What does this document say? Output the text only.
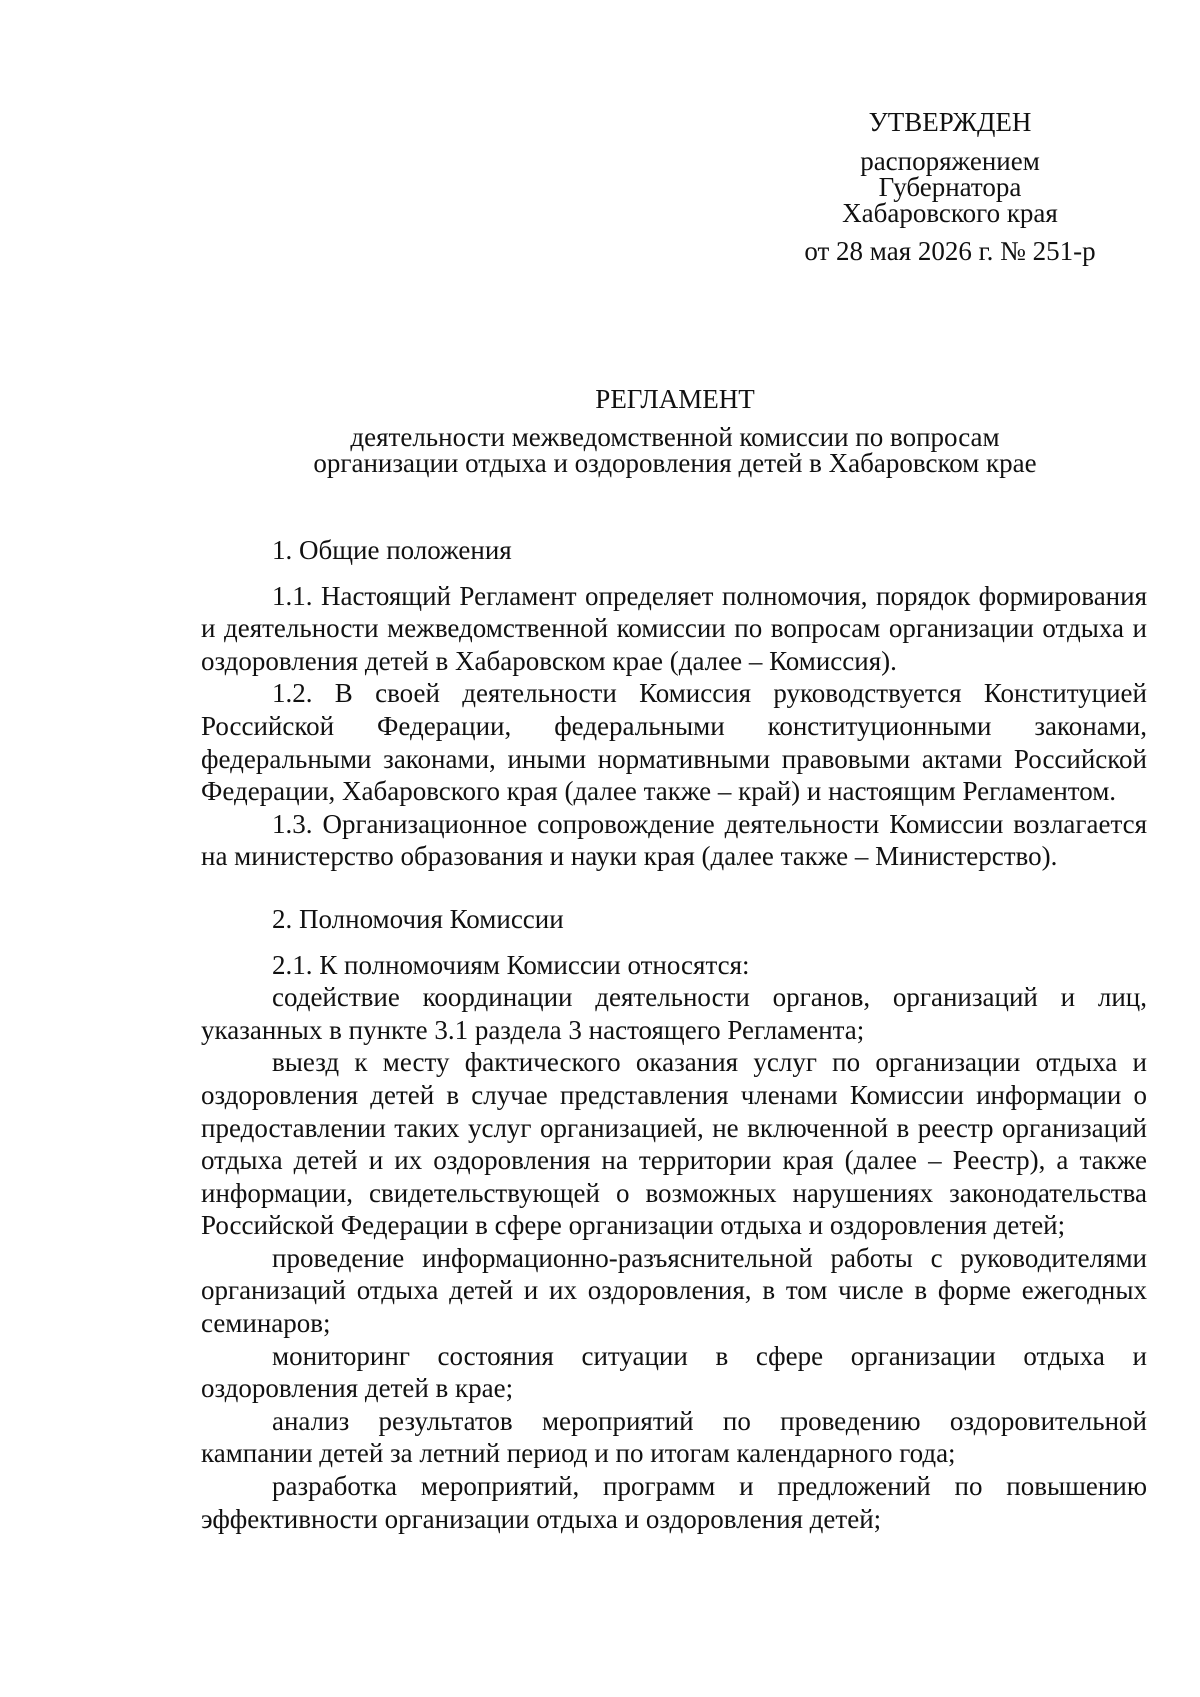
УТВЕРЖДЕН

распоряжением

Губернатора

Хабаровского края

от 28 мая 2026 г. № 251-р

РЕГЛАМЕНТ
деятельности межведомственной комиссии по вопросам
организации отдыха и оздоровления детей в Хабаровском крае

1. Общие положения

1.1. Настоящий Регламент определяет полномочия, порядок формирования и деятельности межведомственной комиссии по вопросам организации отдыха и оздоровления детей в Хабаровском крае (далее – Комиссия).

1.2. В своей деятельности Комиссия руководствуется Конституцией Российской Федерации, федеральными конституционными законами, федеральными законами, иными нормативными правовыми актами Российской Федерации, Хабаровского края (далее также – край) и настоящим Регламентом.

1.3. Организационное сопровождение деятельности Комиссии возлагается на министерство образования и науки края (далее также – Министерство).

2. Полномочия Комиссии

2.1. К полномочиям Комиссии относятся:

содействие координации деятельности органов, организаций и лиц, указанных в пункте 3.1 раздела 3 настоящего Регламента;

выезд к месту фактического оказания услуг по организации отдыха и оздоровления детей в случае представления членами Комиссии информации о предоставлении таких услуг организацией, не включенной в реестр организаций отдыха детей и их оздоровления на территории края (далее – Реестр), а также информации, свидетельствующей о возможных нарушениях законодательства Российской Федерации в сфере организации отдыха и оздоровления детей;

проведение информационно-разъяснительной работы с руководителями организаций отдыха детей и их оздоровления, в том числе в форме ежегодных семинаров;

мониторинг состояния ситуации в сфере организации отдыха и оздоровления детей в крае;

анализ результатов мероприятий по проведению оздоровительной кампании детей за летний период и по итогам календарного года;

разработка мероприятий, программ и предложений по повышению эффективности организации отдыха и оздоровления детей;
